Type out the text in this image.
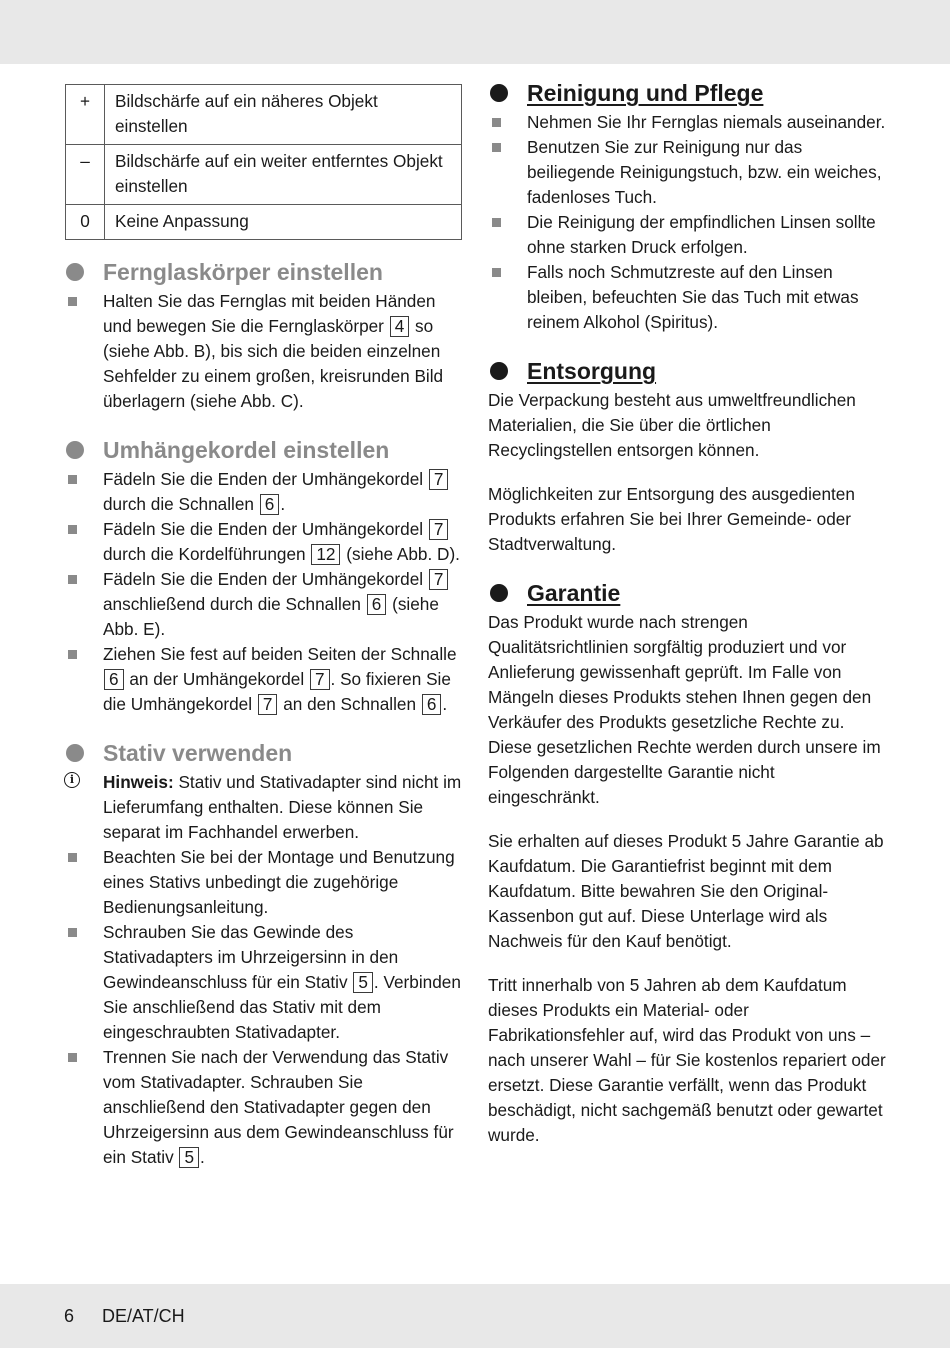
+	Bildschärfe auf ein näheres Objekt einstellen
–	Bildschärfe auf ein weiter entferntes Objekt einstellen
0	Keine Anpassung
Fernglaskörper einstellen
Halten Sie das Fernglas mit beiden Händen und bewegen Sie die Fernglaskörper 4 so (siehe Abb. B), bis sich die beiden einzelnen Sehfelder zu einem großen, kreisrunden Bild überlagern (siehe Abb. C).
Umhängekordel einstellen
Fädeln Sie die Enden der Umhängekordel 7 durch die Schnallen 6 .
Fädeln Sie die Enden der Umhängekordel 7 durch die Kordelführungen 12 (siehe Abb. D).
Fädeln Sie die Enden der Umhängekordel 7 anschließend durch die Schnallen 6 (siehe Abb. E).
Ziehen Sie fest auf beiden Seiten der Schnalle 6 an der Umhängekordel 7 . So fixieren Sie die Umhängekordel 7 an den Schnallen 6 .
Stativ verwenden
i	Hinweis: Stativ und Stativadapter sind nicht im Lieferumfang enthalten. Diese können Sie separat im Fachhandel erwerben.
Beachten Sie bei der Montage und Benutzung eines Stativs unbedingt die zugehörige Bedienungsanleitung.
Schrauben Sie das Gewinde des Stativadapters im Uhrzeigersinn in den Gewindeanschluss für ein Stativ 5 . Verbinden Sie anschließend das Stativ mit dem eingeschraubten Stativadapter.
Trennen Sie nach der Verwendung das Stativ vom Stativadapter. Schrauben Sie anschließend den Stativadapter gegen den Uhrzeigersinn aus dem Gewindeanschluss für ein Stativ 5 .
Reinigung und Pflege
Nehmen Sie Ihr Fernglas niemals auseinander.
Benutzen Sie zur Reinigung nur das beiliegende Reinigungstuch, bzw. ein weiches, fadenloses Tuch.
Die Reinigung der empfindlichen Linsen sollte ohne starken Druck erfolgen.
Falls noch Schmutzreste auf den Linsen bleiben, befeuchten Sie das Tuch mit etwas reinem Alkohol (Spiritus).
Entsorgung

Die Verpackung besteht aus umweltfreundlichen Materialien, die Sie über die örtlichen Recyclingstellen entsorgen können.

Möglichkeiten zur Entsorgung des ausgedienten Produkts erfahren Sie bei Ihrer Gemeinde- oder Stadtverwaltung.

Garantie

Das Produkt wurde nach strengen Qualitätsrichtlinien sorgfältig produziert und vor Anlieferung gewissenhaft geprüft. Im Falle von Mängeln dieses Produkts stehen Ihnen gegen den Verkäufer des Produkts gesetzliche Rechte zu. Diese gesetzlichen Rechte werden durch unsere im Folgenden dargestellte Garantie nicht eingeschränkt.

Sie erhalten auf dieses Produkt 5 Jahre Garantie ab Kaufdatum. Die Garantiefrist beginnt mit dem Kaufdatum. Bitte bewahren Sie den Original-Kassenbon gut auf. Diese Unterlage wird als Nachweis für den Kauf benötigt.

Tritt innerhalb von 5 Jahren ab dem Kaufdatum dieses Produkts ein Material- oder Fabrikationsfehler auf, wird das Produkt von uns – nach unserer Wahl – für Sie kostenlos repariert oder ersetzt. Diese Garantie verfällt, wenn das Produkt beschädigt, nicht sachgemäß benutzt oder gewartet wurde.

6 DE/AT/CH
